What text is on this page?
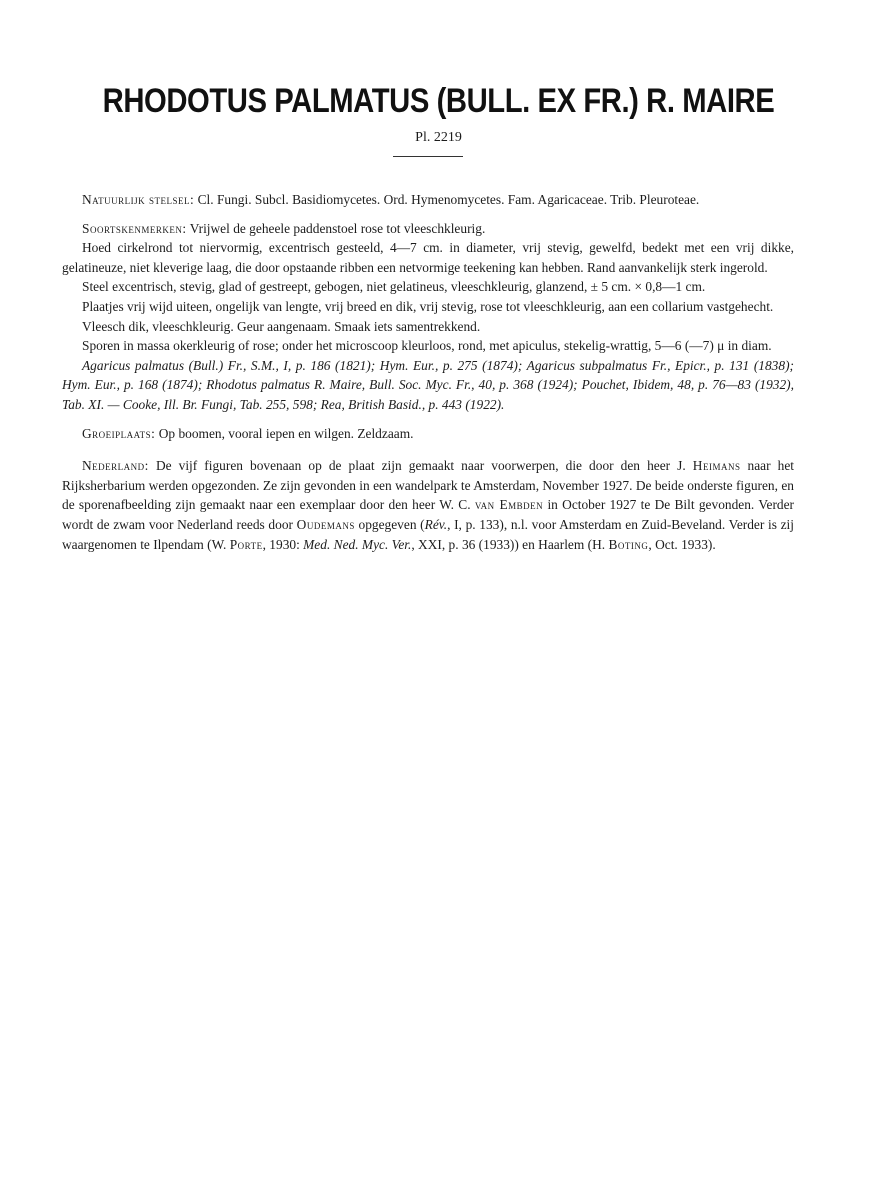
RHODOTUS PALMATUS (BULL. EX FR.) R. MAIRE
Pl. 2219

Natuurlijk stelsel: Cl. Fungi. Subcl. Basidiomycetes. Ord. Hymenomycetes. Fam. Agaricaceae. Trib. Pleuroteae.

Soortskenmerken: Vrijwel de geheele paddenstoel rose tot vleeschkleurig.

Hoed cirkelrond tot niervormig, excentrisch gesteeld, 4—7 cm. in diameter, vrij stevig, gewelfd, bedekt met een vrij dikke, gelatineuze, niet kleverige laag, die door opstaande ribben een netvormige teekening kan hebben. Rand aanvankelijk sterk ingerold.

Steel excentrisch, stevig, glad of gestreept, gebogen, niet gelatineus, vleeschkleurig, glanzend, ± 5 cm. × 0,8—1 cm.

Plaatjes vrij wijd uiteen, ongelijk van lengte, vrij breed en dik, vrij stevig, rose tot vleeschkleurig, aan een collarium vastgehecht.

Vleesch dik, vleeschkleurig. Geur aangenaam. Smaak iets samentrekkend.

Sporen in massa okerkleurig of rose; onder het microscoop kleurloos, rond, met apiculus, stekelig-wrattig, 5—6 (—7) μ in diam.

Agaricus palmatus (Bull.) Fr., S.M., I, p. 186 (1821); Hym. Eur., p. 275 (1874); Agaricus subpalmatus Fr., Epicr., p. 131 (1838); Hym. Eur., p. 168 (1874); Rhodotus palmatus R. Maire, Bull. Soc. Myc. Fr., 40, p. 368 (1924); Pouchet, Ibidem, 48, p. 76—83 (1932), Tab. XI. — Cooke, Ill. Br. Fungi, Tab. 255, 598; Rea, British Basid., p. 443 (1922).

Groeiplaats: Op boomen, vooral iepen en wilgen. Zeldzaam.

Nederland: De vijf figuren bovenaan op de plaat zijn gemaakt naar voorwerpen, die door den heer J. Heimans naar het Rijksherbarium werden opgezonden. Ze zijn gevonden in een wandelpark te Amsterdam, November 1927. De beide onderste figuren, en de sporenafbeelding zijn gemaakt naar een exemplaar door den heer W. C. van Embden in October 1927 te De Bilt gevonden. Verder wordt de zwam voor Nederland reeds door Oudemans opgegeven (Rév., I, p. 133), n.l. voor Amsterdam en Zuid-Beveland. Verder is zij waargenomen te Ilpendam (W. Porte, 1930: Med. Ned. Myc. Ver., XXI, p. 36 (1933)) en Haarlem (H. Boting, Oct. 1933).
